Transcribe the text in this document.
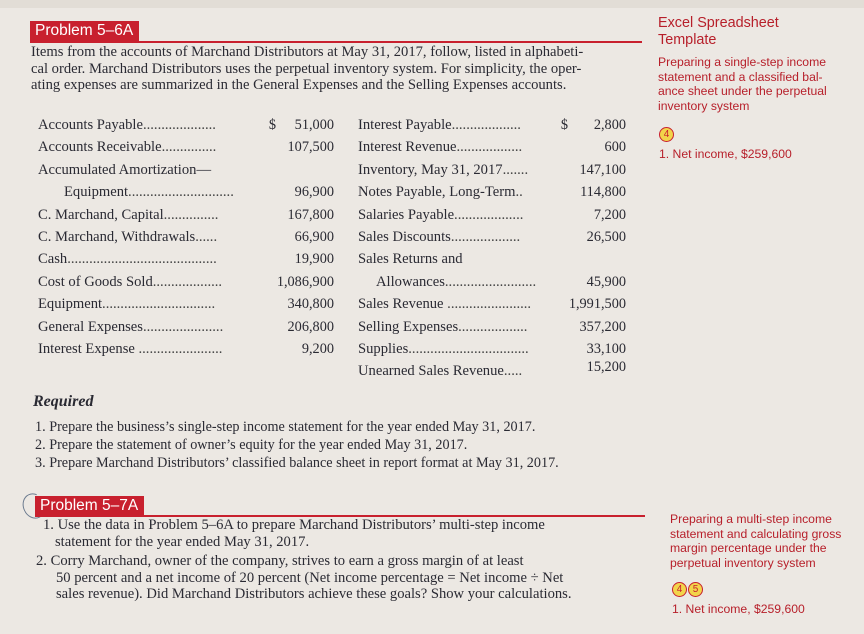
Problem 5–6A
Items from the accounts of Marchand Distributors at May 31, 2017, follow, listed in alphabeti-
cal order. Marchand Distributors uses the perpetual inventory system. For simplicity, the oper-
ating expenses are summarized in the General Expenses and the Selling Expenses accounts.
Accounts Payable....................	$	51,000
Accounts Receivable...............	107,500
Accumulated Amortization—
Equipment.............................	96,900
C. Marchand, Capital...............	167,800
C. Marchand, Withdrawals......	66,900
Cash.........................................	19,900
Cost of Goods Sold...................	1,086,900
Equipment...............................	340,800
General Expenses......................	206,800
Interest Expense .......................	9,200
Interest Payable...................	$	2,800
Interest Revenue..................	600
Inventory, May 31, 2017.......	147,100
Notes Payable, Long-Term..	114,800
Salaries Payable...................	7,200
Sales Discounts...................	26,500
Sales Returns and
Allowances.........................	45,900
Sales Revenue .......................	1,991,500
Selling Expenses...................	357,200
Supplies.................................	33,100
Unearned Sales Revenue.....	15,200
Required
1. Prepare the business’s single-step income statement for the year ended May 31, 2017.
2. Prepare the statement of owner’s equity for the year ended May 31, 2017.
3. Prepare Marchand Distributors’ classified balance sheet in report format at May 31, 2017.
Excel Spreadsheet
Template
Preparing a single-step income
statement and a classified bal-
ance sheet under the perpetual
inventory system
4
1. Net income, $259,600
Problem 5–7A
1. Use the data in Problem 5–6A to prepare Marchand Distributors’ multi-step income
statement for the year ended May 31, 2017.
2. Corry Marchand, owner of the company, strives to earn a gross margin of at least
50 percent and a net income of 20 percent (Net income percentage = Net income ÷ Net
sales revenue). Did Marchand Distributors achieve these goals? Show your calculations.
Preparing a multi-step income
statement and calculating gross
margin percentage under the
perpetual inventory system
4	5
1. Net income, $259,600
